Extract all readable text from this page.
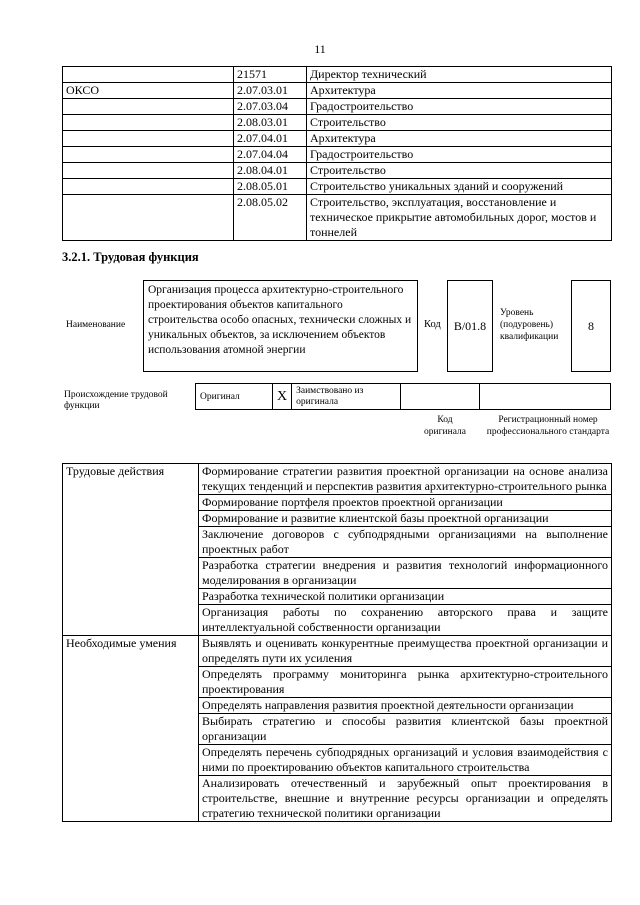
11
	21571	Директор технический
ОКСО	2.07.03.01	Архитектура
	2.07.03.04	Градостроительство
	2.08.03.01	Строительство
	2.07.04.01	Архитектура
	2.07.04.04	Градостроительство
	2.08.04.01	Строительство
	2.08.05.01	Строительство уникальных зданий и сооружений
	2.08.05.02	Строительство, эксплуатация, восстановление и техническое прикрытие автомобильных дорог, мостов и тоннелей
3.2.1. Трудовая функция
Наименование
Организация процесса архитектурно-строительного проектирования объектов капитального строительства особо опасных, технически сложных и уникальных объектов, за исключением объектов использования атомной энергии
Код	B/01.8
Уровень (подуровень) квалификации
8
Происхождение трудовой функции
Оригинал	X	Заимствовано из оригинала		
Код оригинала
Регистрационный номер профессионального стандарта
Трудовые действия	Формирование стратегии развития проектной организации на основе анализа текущих тенденций и перспектив развития архитектурно-строительного рынка
	Формирование портфеля проектов проектной организации
	Формирование и развитие клиентской базы проектной организации
	Заключение договоров с субподрядными организациями на выполнение проектных работ
	Разработка стратегии внедрения и развития технологий информационного моделирования в организации
	Разработка технической политики организации
	Организация работы по сохранению авторского права и защите интеллектуальной собственности организации
Необходимые умения	Выявлять и оценивать конкурентные преимущества проектной организации и определять пути их усиления
	Определять программу мониторинга рынка архитектурно-строительного проектирования
	Определять направления развития проектной деятельности организации
	Выбирать стратегию и способы развития клиентской базы проектной организации
	Определять перечень субподрядных организаций и условия взаимодействия с ними по проектированию объектов капитального строительства
	Анализировать отечественный и зарубежный опыт проектирования в строительстве, внешние и внутренние ресурсы организации и определять стратегию технической политики организации
